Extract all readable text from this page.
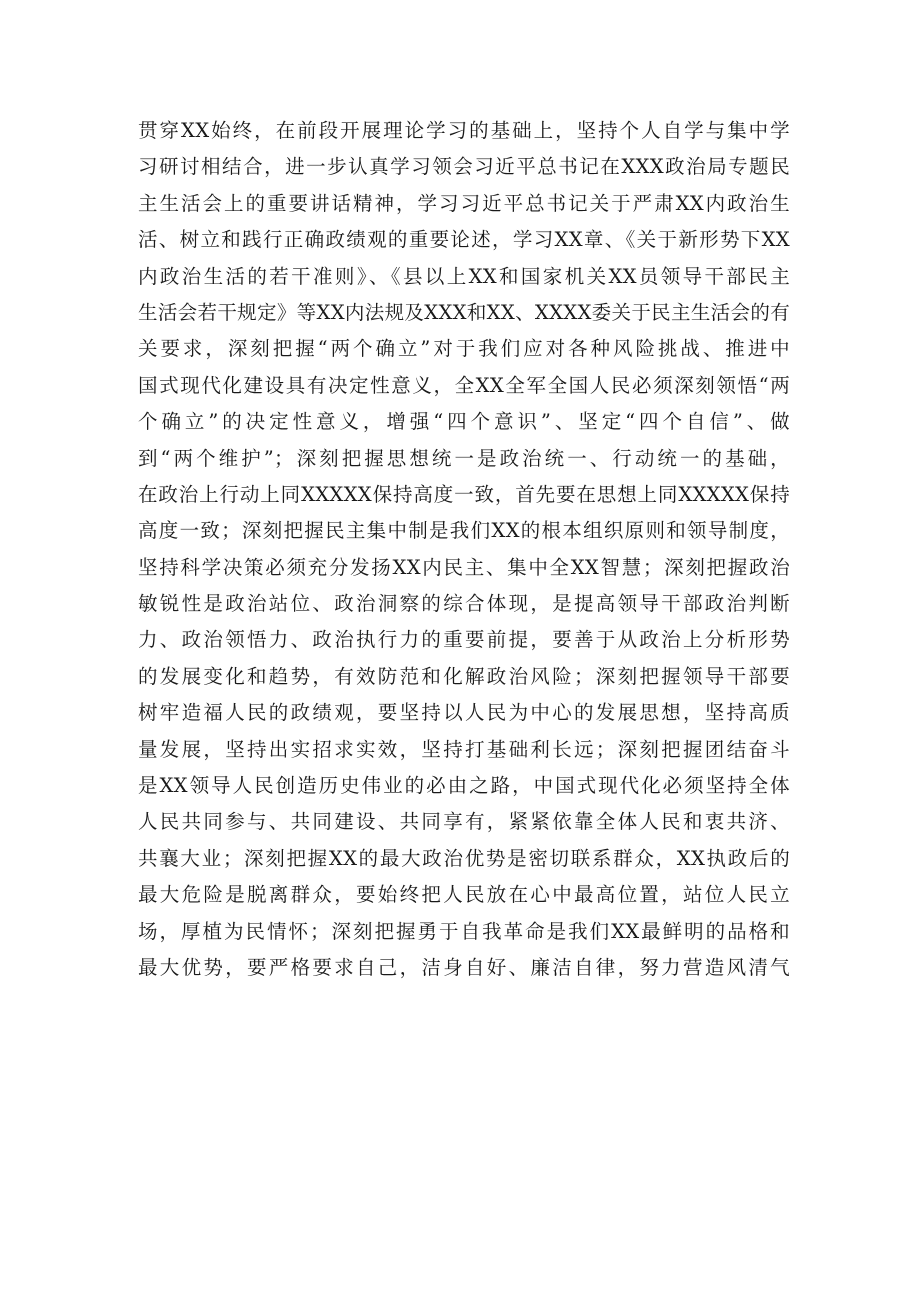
贯穿XX始终，在前段开展理论学习的基础上，坚持个人自学与集中学
习研讨相结合，进一步认真学习领会习近平总书记在XXX政治局专题民
主生活会上的重要讲话精神，学习习近平总书记关于严肃XX内政治生
活、树立和践行正确政绩观的重要论述，学习XX章、《关于新形势下XX
内政治生活的若干准则》、《县以上XX和国家机关XX员领导干部民主
生活会若干规定》等XX内法规及XXX和XX、XXXX委关于民主生活会的有
关要求，深刻把握“两个确立”对于我们应对各种风险挑战、推进中
国式现代化建设具有决定性意义，全XX全军全国人民必须深刻领悟“两
个确立”的决定性意义，增强“四个意识”、坚定“四个自信”、做
到“两个维护”；深刻把握思想统一是政治统一、行动统一的基础，
在政治上行动上同XXXXX保持高度一致，首先要在思想上同XXXXX保持
高度一致；深刻把握民主集中制是我们XX的根本组织原则和领导制度，
坚持科学决策必须充分发扬XX内民主、集中全XX智慧；深刻把握政治
敏锐性是政治站位、政治洞察的综合体现，是提高领导干部政治判断
力、政治领悟力、政治执行力的重要前提，要善于从政治上分析形势
的发展变化和趋势，有效防范和化解政治风险；深刻把握领导干部要
树牢造福人民的政绩观，要坚持以人民为中心的发展思想，坚持高质
量发展，坚持出实招求实效，坚持打基础利长远；深刻把握团结奋斗
是XX领导人民创造历史伟业的必由之路，中国式现代化必须坚持全体
人民共同参与、共同建设、共同享有，紧紧依靠全体人民和衷共济、
共襄大业；深刻把握XX的最大政治优势是密切联系群众，XX执政后的
最大危险是脱离群众，要始终把人民放在心中最高位置，站位人民立
场，厚植为民情怀；深刻把握勇于自我革命是我们XX最鲜明的品格和
最大优势，要严格要求自己，洁身自好、廉洁自律，努力营造风清气
